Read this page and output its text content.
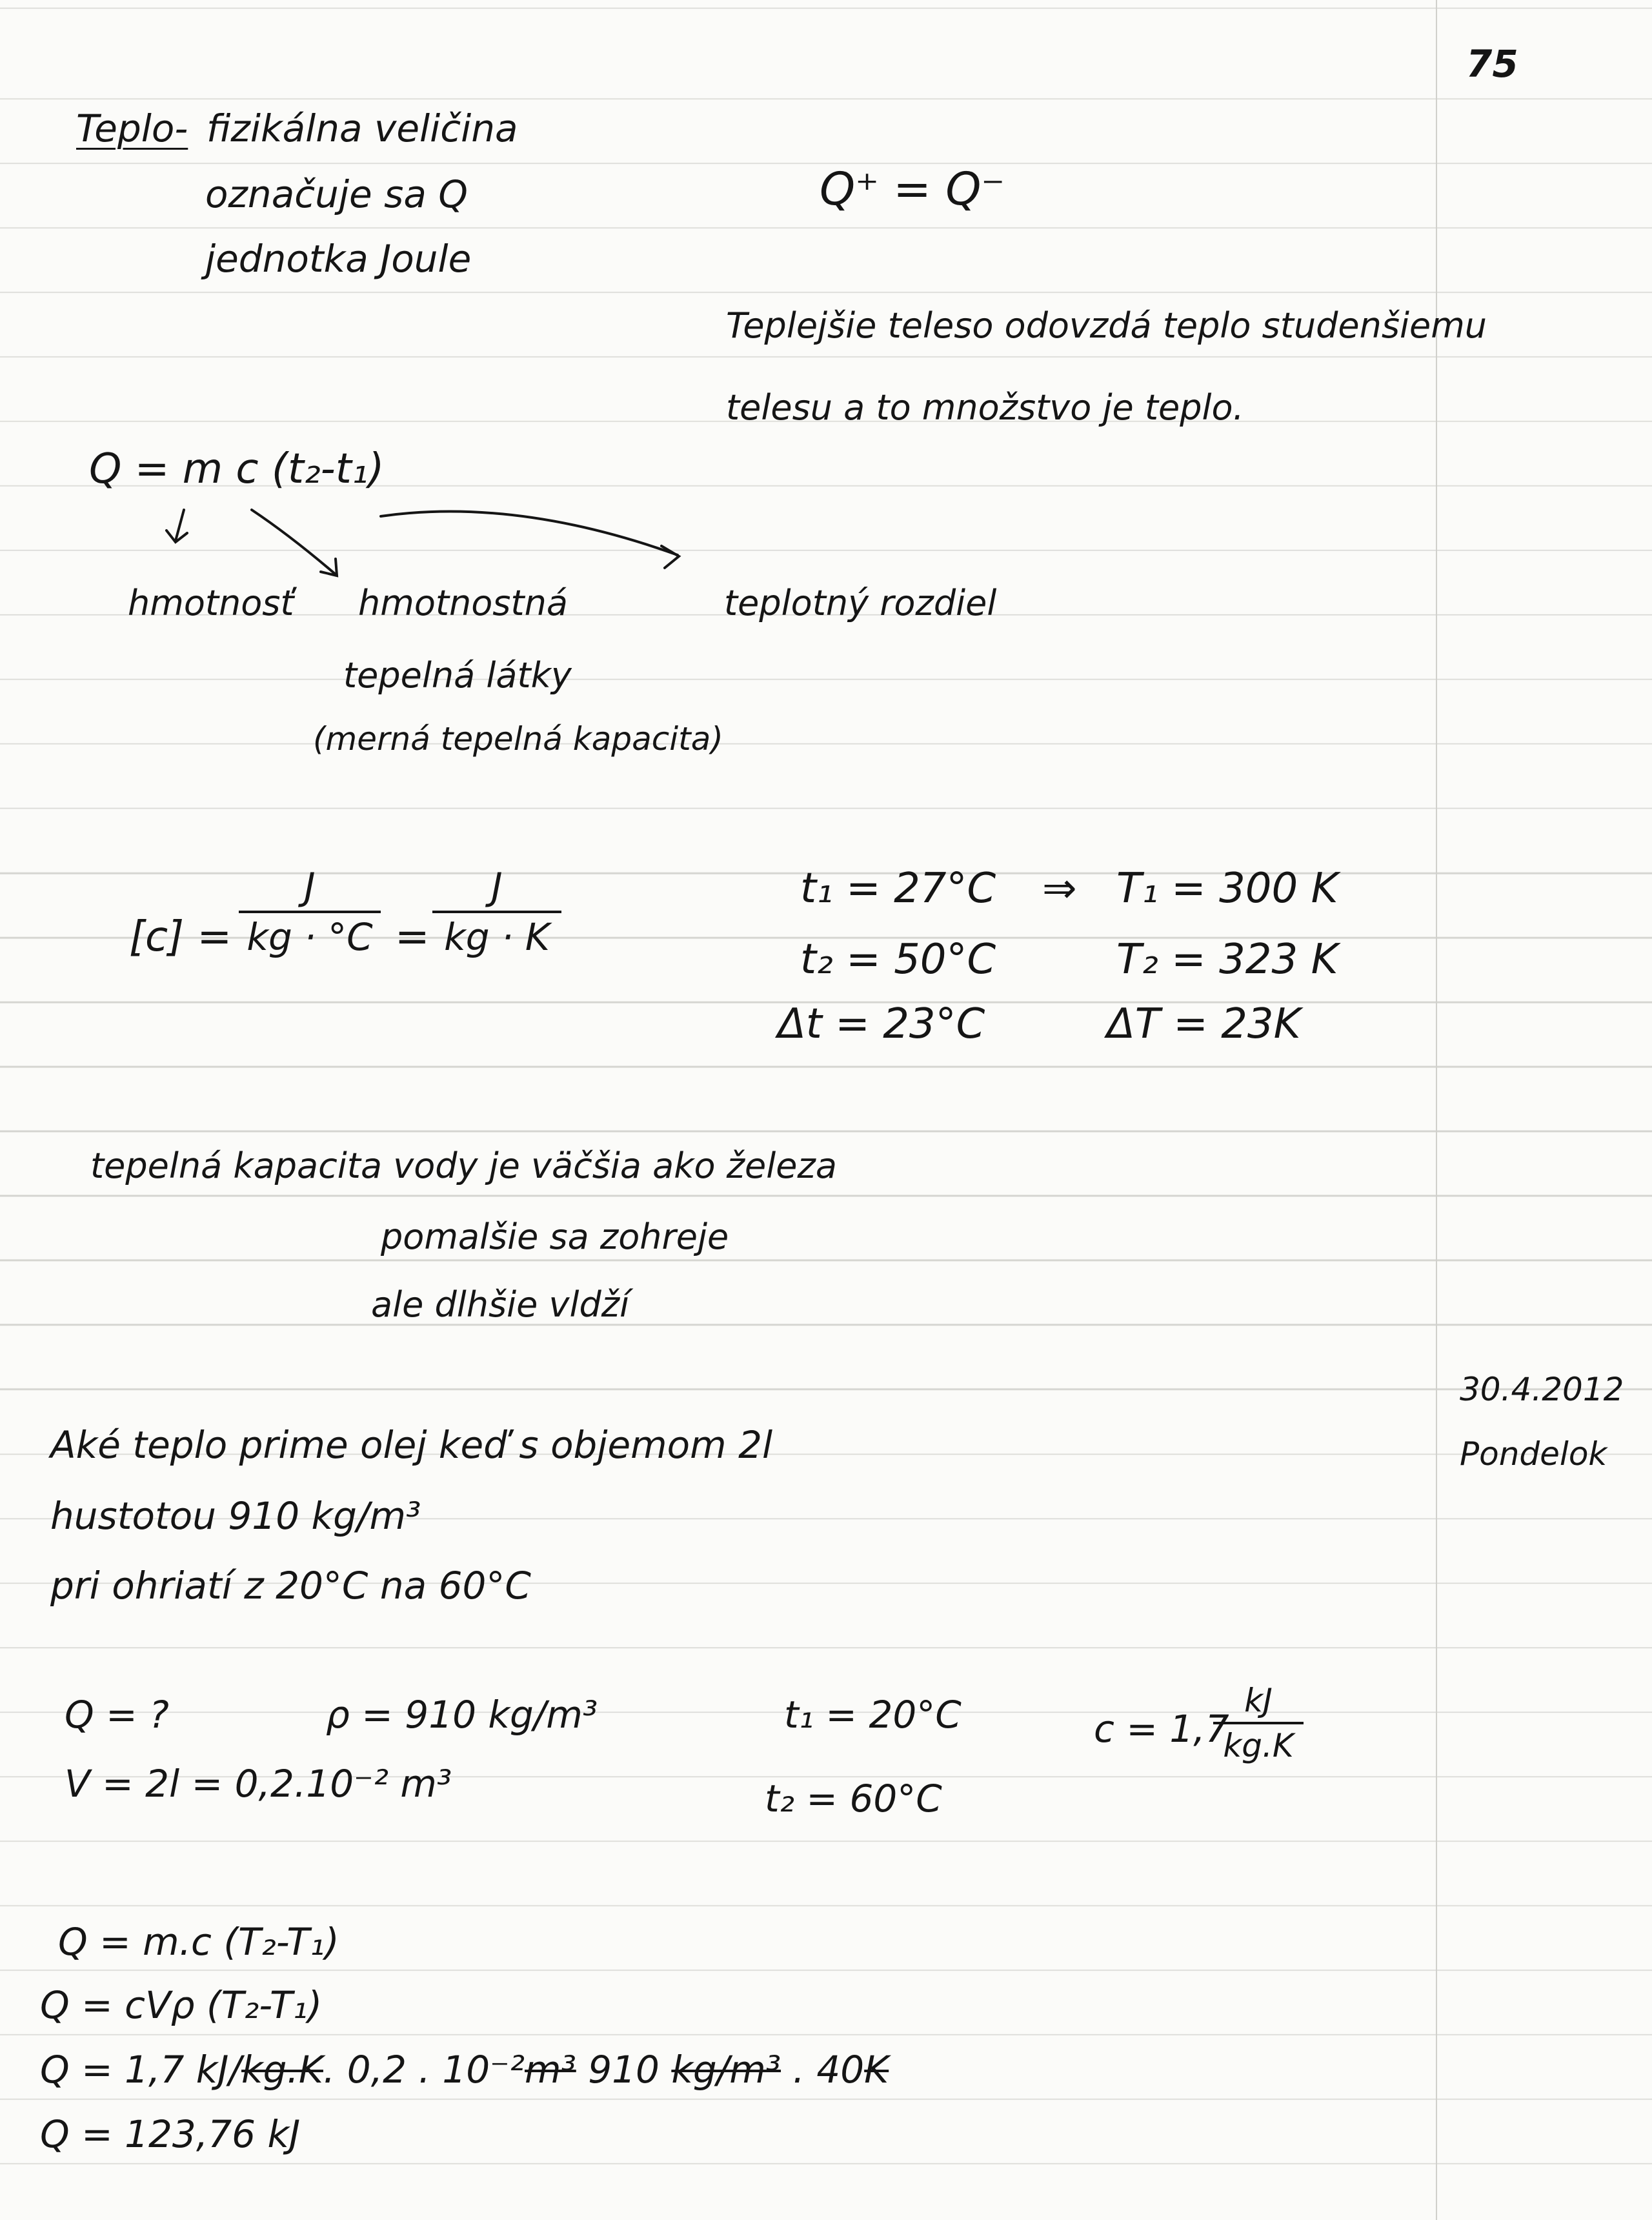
75
Teplo- fizikálna veličina
označuje sa Q
jednotka Joule
Q⁺ = Q⁻
Teplejšie teleso odovzdá teplo studenšiemu
telesu a to množstvo je teplo.
Q = m c (t₂-t₁)
hmotnosť hmotnostná
tepelná látky
(merná tepelná kapacita)
teplotný rozdiel
[c] =
J
kg · °C =
J
kg · K
t₁ = 27°C ⇒ T₁ = 300 K
t₂ = 50°C	T₂ = 323 K
Δt = 23°C	ΔT = 23K
tepelná kapacita vody je väčšia ako železa
pomalšie sa zohreje
ale dlhšie vldží
30.4.2012
Pondelok
Aké teplo prime olej keď s objemom 2l
hustotou 910 kg/m³
pri ohriatí z 20°C na 60°C
Q = ?	ρ = 910 kg/m³	t₁ = 20°C	c = 1,7
kJ
kg.K
V = 2l = 0,2.10⁻² m³	t₂ = 60°C
Q = m.c (T₂-T₁)
Q = cVρ (T₂-T₁)
Q = 1,7 kJ/kg.K. 0,2 . 10⁻²m³ 910 kg/m³ . 40K
Q = 123,76 kJ
